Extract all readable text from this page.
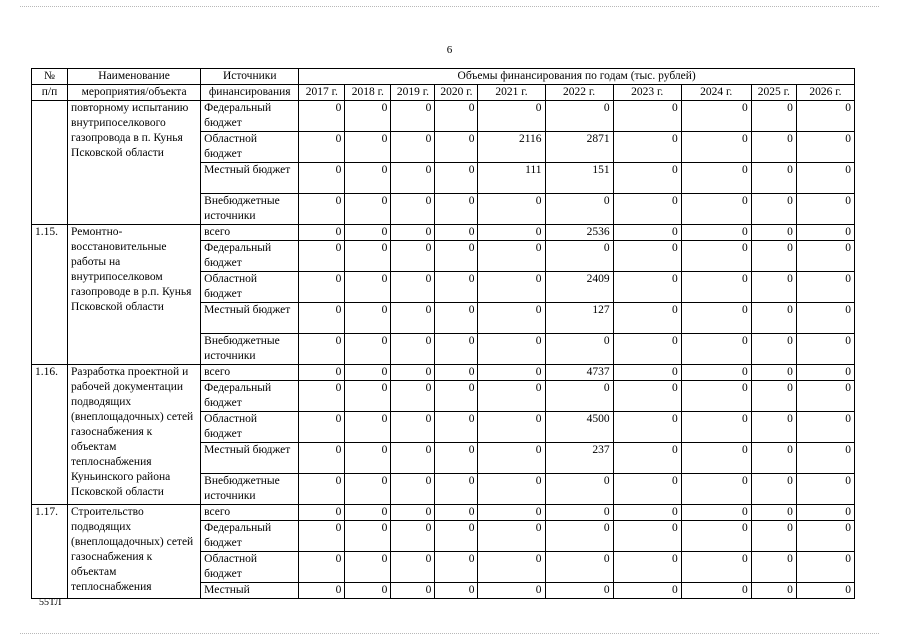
6
№	Наименование	Источники	Объемы финансирования по годам (тыс. рублей)									
п/п	мероприятия/объекта	финансирования	2017 г.	2018 г.	2019 г.	2020 г.	2021 г.	2022 г.	2023 г.	2024 г.	2025 г.	2026 г.
	повторному испытанию внутрипоселкового газопровода в п. Кунья Псковской области	Федеральный бюджет	0	0	0	0	0	0	0	0	0	0
		Областной бюджет	0	0	0	0	2116	2871	0	0	0	0
		Местный бюджет	0	0	0	0	111	151	0	0	0	0
		Внебюджетные источники	0	0	0	0	0	0	0	0	0	0
1.15.	Ремонтно-восстановительные работы на внутрипоселковом газопроводе в р.п. Кунья Псковской области	всего	0	0	0	0	0	2536	0	0	0	0
		Федеральный бюджет	0	0	0	0	0	0	0	0	0	0
		Областной бюджет	0	0	0	0	0	2409	0	0	0	0
		Местный бюджет	0	0	0	0	0	127	0	0	0	0
		Внебюджетные источники	0	0	0	0	0	0	0	0	0	0
1.16.	Разработка проектной и рабочей документации подводящих (внеплощадочных) сетей газоснабжения к объектам теплоснабжения Куньинского района Псковской области	всего	0	0	0	0	0	4737	0	0	0	0
		Федеральный бюджет	0	0	0	0	0	0	0	0	0	0
		Областной бюджет	0	0	0	0	0	4500	0	0	0	0
		Местный бюджет	0	0	0	0	0	237	0	0	0	0
		Внебюджетные источники	0	0	0	0	0	0	0	0	0	0
1.17.	Строительство подводящих (внеплощадочных) сетей газоснабжения к объектам теплоснабжения	всего	0	0	0	0	0	0	0	0	0	0
		Федеральный бюджет	0	0	0	0	0	0	0	0	0	0
		Областной бюджет	0	0	0	0	0	0	0	0	0	0
		Местный	0	0	0	0	0	0	0	0	0	0
55ТЛ
